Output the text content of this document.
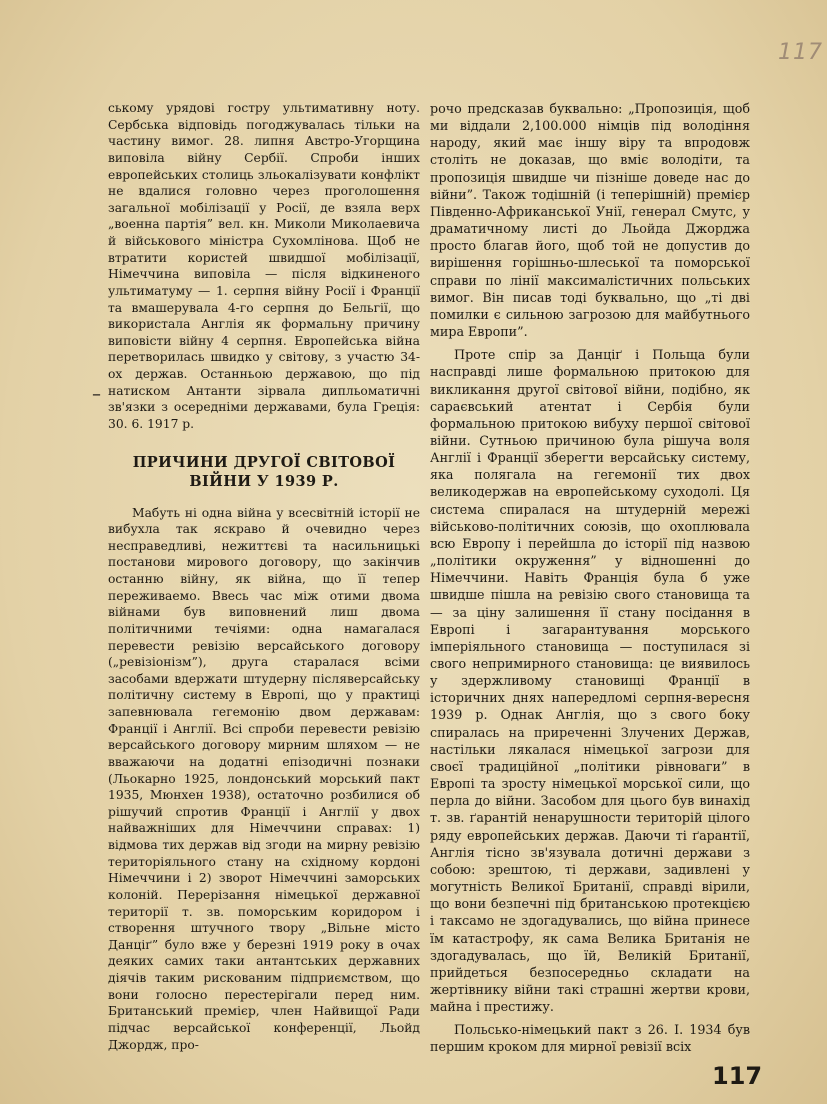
117
–

ському урядові гостру ультимативну ноту. Сербська відповідь погоджувалась тільки на частину вимог. 28. липня Австро-Угорщина виповіла війну Сербії. Спроби інших европейських столиць зльокалізувати конфлікт не вдалися головно через проголошення загальної мобілізації у Росії, де взяла верх „военна партія” вел. кн. Миколи Миколаевича й військового міністра Сухомлінова. Щоб не втратити користей швидшої мобілізації, Німеччина виповіла — після відкиненого ультиматуму — 1. серпня війну Росії і Франції та вмашерувала 4-го серпня до Бельгії, що використала Англія як формальну причину виповісти війну 4 серпня. Европейська війна перетворилась швидко у світову, з участю 34-ох держав. Останньою державою, що під натиском Антанти зірвала дипльоматичні зв'язки з осередніми державами, була Греція: 30. 6. 1917 р.

ПРИЧИНИ ДРУГОЇ СВІТОВОЇ ВІЙНИ У 1939 Р.

Мабуть ні одна війна у всесвітній історії не вибухла так яскраво й очевидно через несправедливі, нежиттєві та насильницькі постанови мирового договору, що закінчив останню війну, як війна, що її тепер переживаемо. Ввесь час між отими двома війнами був виповнений лиш двома політичними течіями: одна намагалася перевести ревізію версайського договору („ревізіонізм”), друга старалася всіми засобами вдержати штудерну післяверсайську політичну систему в Европі, що у практиці запевнювала гегемонію двом державам: Франції і Англії. Всі спроби перевести ревізію версайського договору мирним шляхом — не вважаючи на додатні епізодичні познаки (Льокарно 1925, лондонський морський пакт 1935, Мюнхен 1938), остаточно розбилися об рішучий спротив Франції і Англії у двох найважніших для Німеччини справах: 1) відмова тих держав від згоди на мирну ревізію територіяльного стану на східному кордоні Німеччини і 2) зворот Німеччині заморських колоній. Перерізання німецької державної території т. зв. поморським коридором і створення штучного твору „Вільне місто Данціґ” було вже у березні 1919 року в очах деяких самих таки антантських державних діячів таким рискованим підприємством, що вони голосно перестерігали перед ним. Британський премієр, член Найвищої Ради підчас версайської конференції, Льойд Джордж, про-

рочо предсказав буквально: „Пропозиція, щоб ми віддали 2,100.000 німців під володіння народу, який має іншу віру та впродовж століть не доказав, що вміє володіти, та пропозиція швидше чи пізніше доведе нас до війни”. Також тодішній (і теперішній) премієр Південно-Африканської Унії, генерал Смутс, у драматичному листі до Льойда Джорджа просто благав його, щоб той не допустив до вирішення горішньо-шлеської та поморської справи по лінії максималістичних польських вимог. Він писав тоді буквально, що „ті дві помилки є сильною загрозою для майбутнього мира Европи”.

Проте спір за Данціґ і Польща були насправді лише формальною притокою для викликання другої світової війни, подібно, як сараєвський атентат і Сербія були формальною притокою вибуху першої світової війни. Сутньою причиною була рішуча воля Англії і Франції зберегти версайську систему, яка полягала на гегемонії тих двох великодержав на европейському суходолі. Ця система спиралася на штудерній мережі військово-політичних союзів, що охоплювала всю Европу і перейшла до історії під назвою „політики окруження” у відношенні до Німеччини. Навіть Франція була б уже швидше пішла на ревізію свого становища та — за ціну залишення її стану посідання в Европі і загарантування морського імперіяльного становища — поступилася зі свого непримирного становища: це виявилось у здержливому становищі Франції в історичних днях напередломі серпня-вересня 1939 р. Однак Англія, що з свого боку спиралась на приреченні Злучених Держав, настільки лякалася німецької загрози для своєї традиційної „політики рівноваги” в Европі та зросту німецької морської сили, що перла до війни. Засобом для цього був винахід т. зв. ґарантій ненарушности територій цілого ряду европейських держав. Даючи ті ґарантії, Англія тісно зв'язувала дотичні держави з собою: зрештою, ті держави, задивлені у могутність Великої Британії, справді вірили, що вони безпечні під британською протекцією і таксамо не здогадувались, що війна принесе їм катастрофу, як сама Велика Британія не здогадувалась, що їй, Великій Британії, прийдеться безпосередньо складати на жертівнику війни такі страшні жертви крови, майна і престижу.

Польсько-німецький пакт з 26. І. 1934 був першим кроком для мирної ревізії всіх

117
